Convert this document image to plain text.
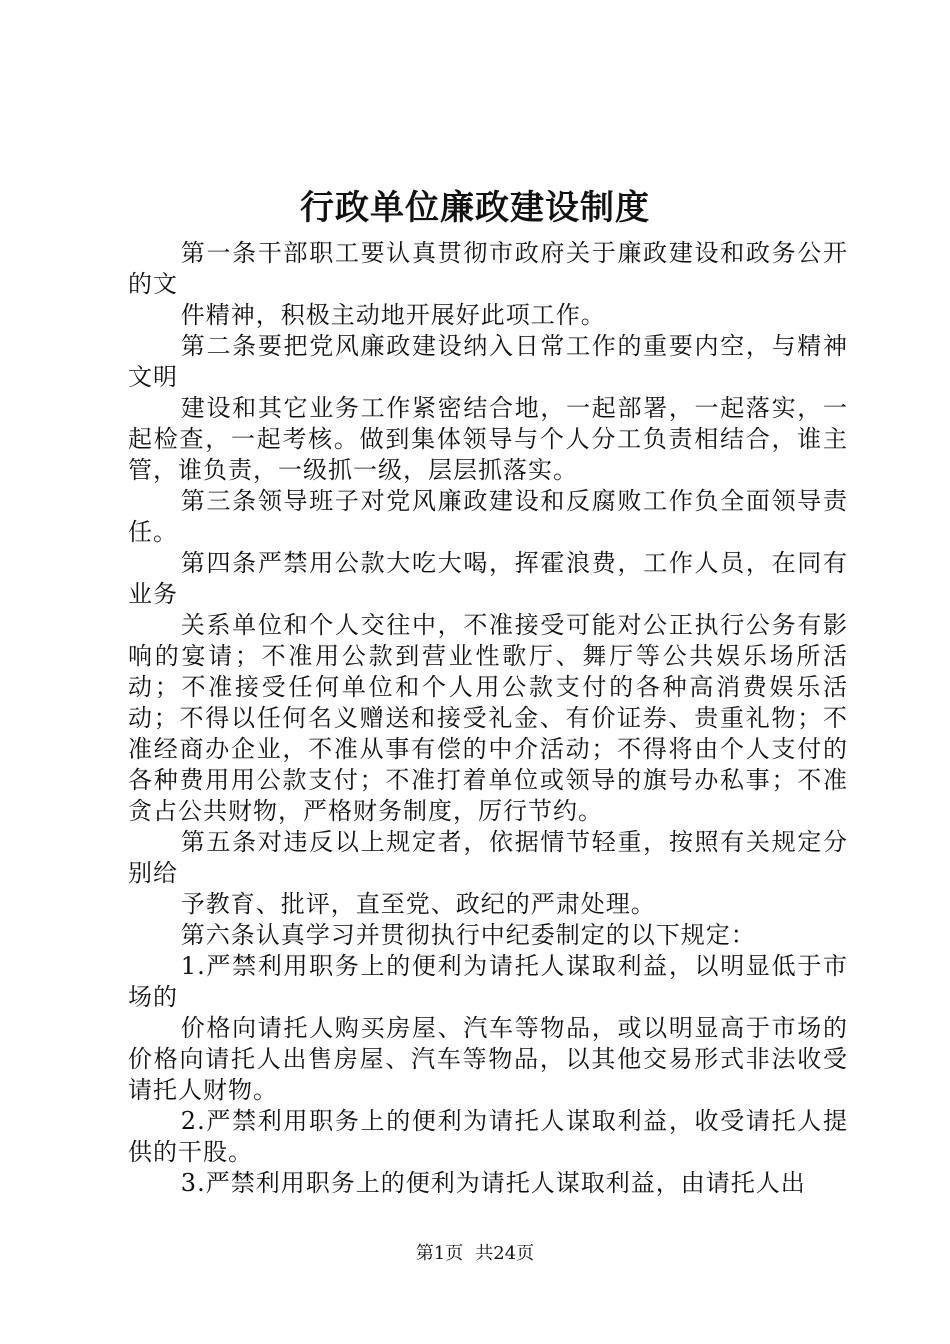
行政单位廉政建设制度

第一条干部职工要认真贯彻市政府关于廉政建设和政务公开的文

件精神，积极主动地开展好此项工作。

第二条要把党风廉政建设纳入日常工作的重要内空，与精神文明

建设和其它业务工作紧密结合地，一起部署，一起落实，一起检查，一起考核。做到集体领导与个人分工负责相结合，谁主管，谁负责，一级抓一级，层层抓落实。

第三条领导班子对党风廉政建设和反腐败工作负全面领导责任。

第四条严禁用公款大吃大喝，挥霍浪费，工作人员，在同有业务

关系单位和个人交往中，不准接受可能对公正执行公务有影响的宴请；不准用公款到营业性歌厅、舞厅等公共娱乐场所活动；不准接受任何单位和个人用公款支付的各种高消费娱乐活动；不得以任何名义赠送和接受礼金、有价证券、贵重礼物；不准经商办企业，不准从事有偿的中介活动；不得将由个人支付的各种费用用公款支付；不准打着单位或领导的旗号办私事；不准贪占公共财物，严格财务制度，厉行节约。

第五条对违反以上规定者，依据情节轻重，按照有关规定分别给

予教育、批评，直至党、政纪的严肃处理。

第六条认真学习并贯彻执行中纪委制定的以下规定：

1.严禁利用职务上的便利为请托人谋取利益，以明显低于市场的

价格向请托人购买房屋、汽车等物品，或以明显高于市场的价格向请托人出售房屋、汽车等物品，以其他交易形式非法收受请托人财物。

2.严禁利用职务上的便利为请托人谋取利益，收受请托人提供的干股。

3.严禁利用职务上的便利为请托人谋取利益，由请托人出

第1页 共24页
